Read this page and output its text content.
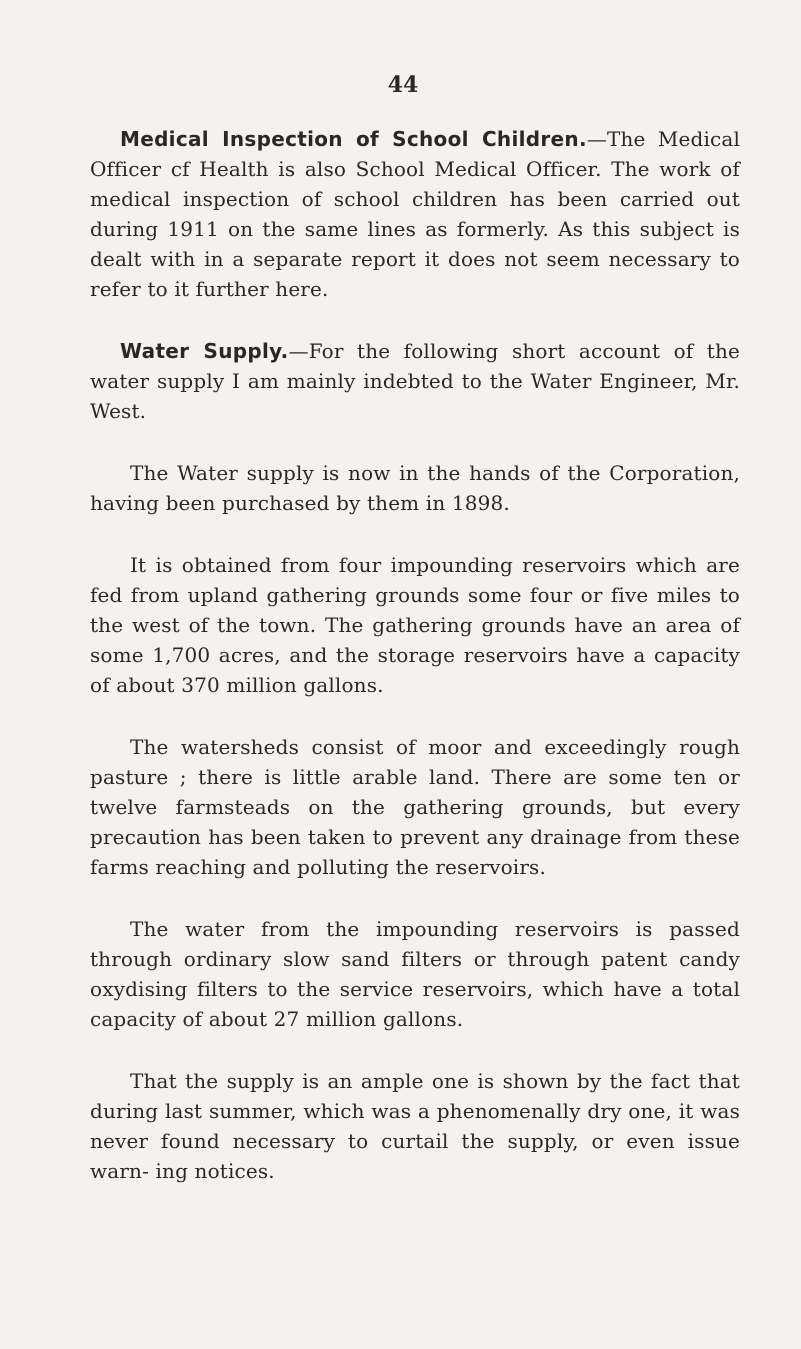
44

Medical Inspection of School Children.—The Medical Officer cf Health is also School Medical Officer. The work of medical inspection of school children has been carried out during 1911 on the same lines as formerly. As this subject is dealt with in a separate report it does not seem necessary to refer to it further here.

Water Supply.—For the following short account of the water supply I am mainly indebted to the Water Engineer, Mr. West.

The Water supply is now in the hands of the Corporation, having been purchased by them in 1898.

It is obtained from four impounding reservoirs which are fed from upland gathering grounds some four or five miles to the west of the town. The gathering grounds have an area of some 1,700 acres, and the storage reservoirs have a capacity of about 370 million gallons.

The watersheds consist of moor and exceedingly rough pasture ; there is little arable land. There are some ten or twelve farmsteads on the gathering grounds, but every precaution has been taken to prevent any drainage from these farms reaching and polluting the reservoirs.

The water from the impounding reservoirs is passed through ordinary slow sand filters or through patent candy oxydising filters to the service reservoirs, which have a total capacity of about 27 million gallons.

That the supply is an ample one is shown by the fact that during last summer, which was a phenomenally dry one, it was never found necessary to curtail the supply, or even issue warn- ing notices.
